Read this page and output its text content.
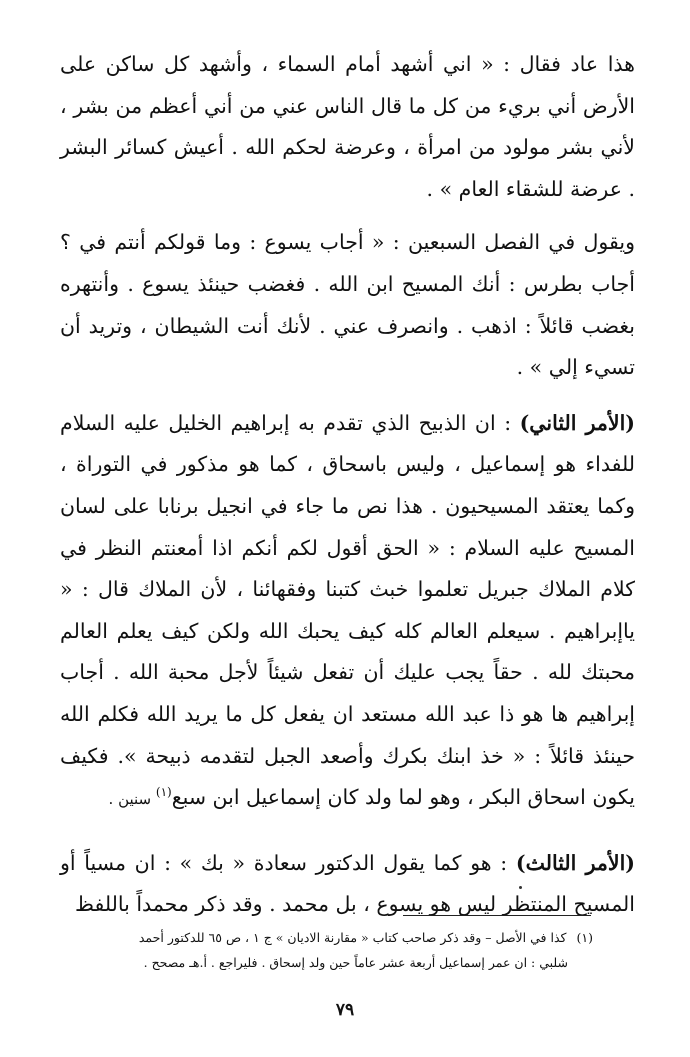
هذا عاد فقال : « اني أشهد أمام السماء ، وأشهد كل ساكن على الأرض أني بريء من كل ما قال الناس عني من أني أعظم من بشر ، لأني بشر مولود من امرأة ، وعرضة لحكم الله . أعيش كسائر البشر . عرضة للشقاء العام » .

ويقول في الفصل السبعين : « أجاب يسوع : وما قولكم أنتم في ؟ أجاب بطرس : أنك المسيح ابن الله . فغضب حينئذ يسوع . وأنتهره بغضب قائلاً : اذهب . وانصرف عني . لأنك أنت الشيطان ، وتريد أن تسيء إلي » .

(الأمر الثاني) : ان الذبيح الذي تقدم به إبراهيم الخليل عليه السلام للفداء هو إسماعيل ، وليس باسحاق ، كما هو مذكور في التوراة ، وكما يعتقد المسيحيون . هذا نص ما جاء في انجيل برنابا على لسان المسيح عليه السلام : « الحق أقول لكم أنكم اذا أمعنتم النظر في كلام الملاك جبريل تعلموا خبث كتبنا وفقهائنا ، لأن الملاك قال : « ياإبراهيم . سيعلم العالم كله كيف يحبك الله ولكن كيف يعلم العالم محبتك لله . حقاً يجب عليك أن تفعل شيئاً لأجل محبة الله . أجاب إبراهيم ها هو ذا عبد الله مستعد ان يفعل كل ما يريد الله فكلم الله حينئذ قائلاً : « خذ ابنك بكرك وأصعد الجبل لتقدمه ذبيحة ». فكيف يكون اسحاق البكر ، وهو لما ولد كان إسماعيل ابن سبع$^{(١)}$ سنين .

(الأمر الثالث) : هو كما يقول الدكتور سعادة « بك » : ان مسياً أو المسيح المنتظر ليس هو يسوع ، بل محمد . وقد ذكر محمداً باللفظ

(١)كذا في الأصل – وقد ذكر صاحب كتاب « مقارنة الاديان » ج ١ ، ص ٦٥ للدكتور أحمد
شلبي : ان عمر إسماعيل أربعة عشر عاماً حين ولد إسحاق . فليراجع . أ.هـ مصحح .
٧٩
